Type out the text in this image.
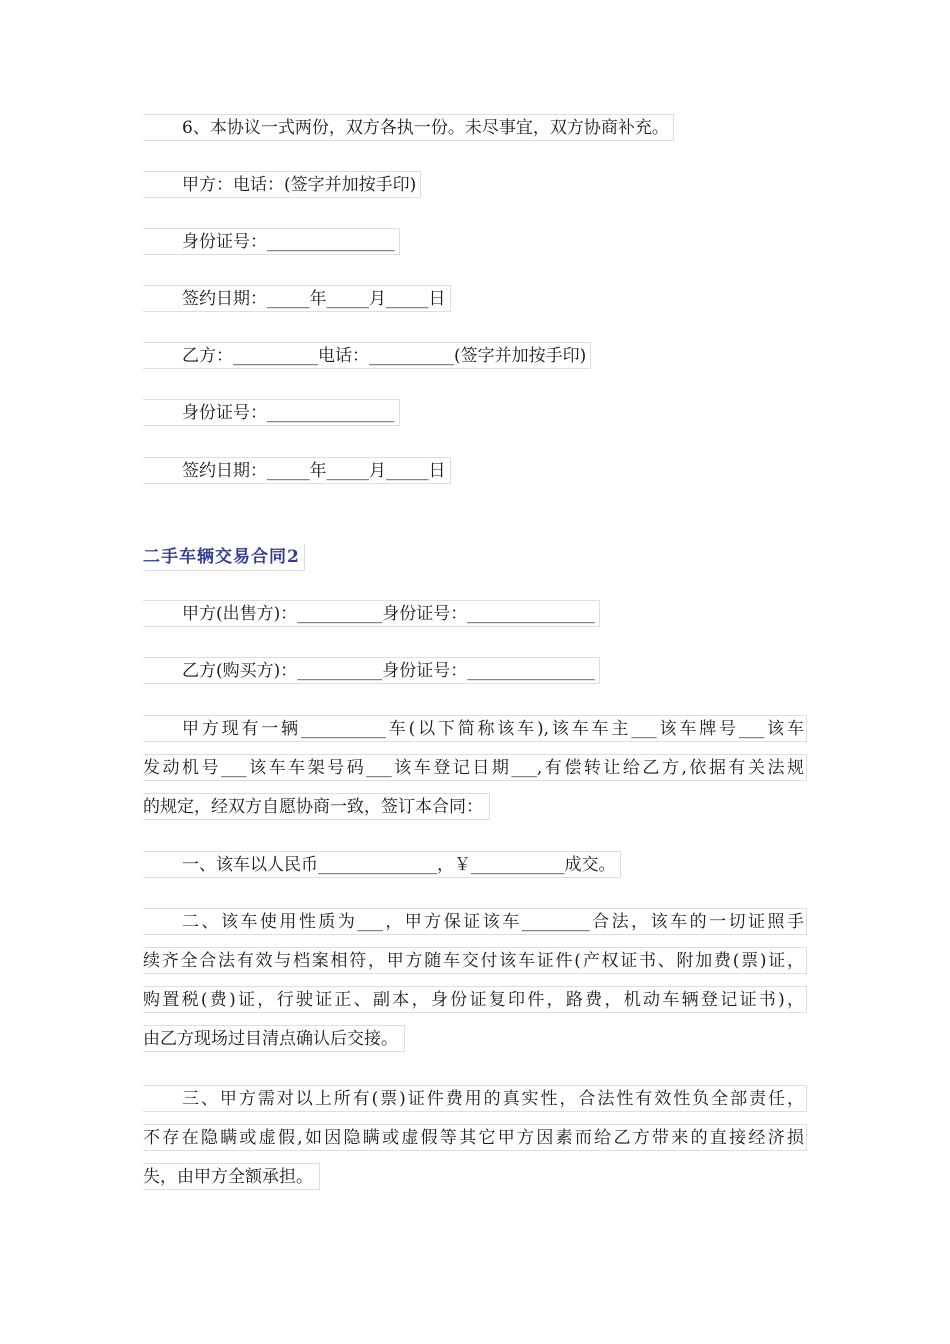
6、本协议一式两份，双方各执一份。未尽事宜，双方协商补充。
甲方：电话：(签字并加按手印)
身份证号：_______________
签约日期：_____年_____月_____日
乙方：__________电话：__________(签字并加按手印)
身份证号：_______________
签约日期：_____年_____月_____日
二手车辆交易合同2
甲方(出售方)：__________身份证号：_______________
乙方(购买方)：__________身份证号：_______________
甲方现有一辆__________车(以下简称该车),该车车主___该车牌号___该车
发动机号___该车车架号码___该车登记日期___,有偿转让给乙方,依据有关法规
的规定，经双方自愿协商一致，签订本合同：
一、该车以人民币______________，￥___________成交。
二、该车使用性质为___，甲方保证该车________合法，该车的一切证照手
续齐全合法有效与档案相符，甲方随车交付该车证件(产权证书、附加费(票)证，
购置税(费)证，行驶证正、副本，身份证复印件，路费，机动车辆登记证书)，
由乙方现场过目清点确认后交接。
三、甲方需对以上所有(票)证件费用的真实性，合法性有效性负全部责任，
不存在隐瞒或虚假,如因隐瞒或虚假等其它甲方因素而给乙方带来的直接经济损
失，由甲方全额承担。
